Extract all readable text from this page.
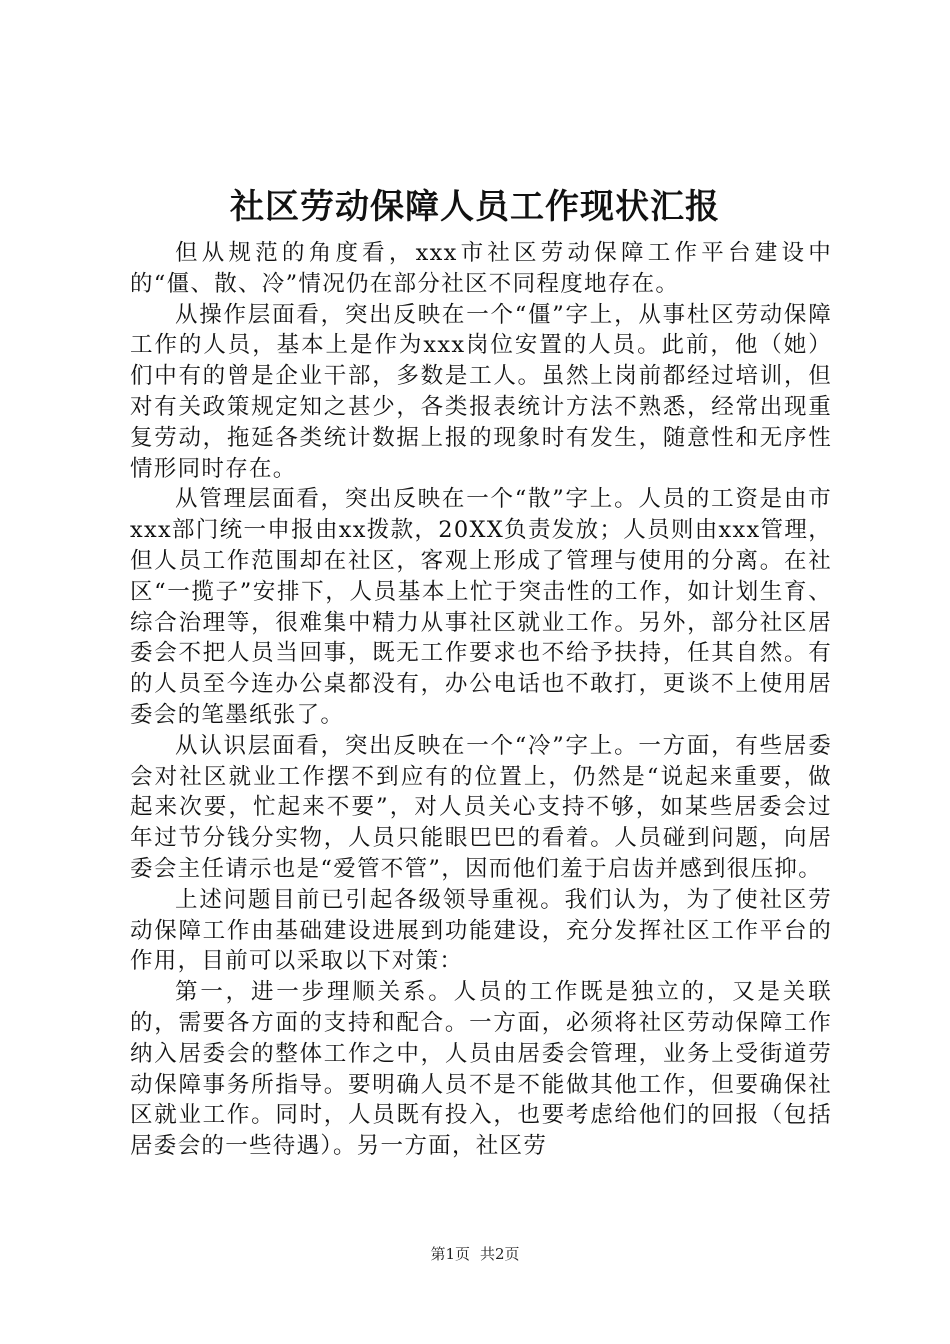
社区劳动保障人员工作现状汇报

但从规范的角度看，xxx市社区劳动保障工作平台建设中的“僵、散、冷”情况仍在部分社区不同程度地存在。

从操作层面看，突出反映在一个“僵”字上，从事杜区劳动保障工作的人员，基本上是作为xxx岗位安置的人员。此前，他（她）们中有的曾是企业干部，多数是工人。虽然上岗前都经过培训，但对有关政策规定知之甚少，各类报表统计方法不熟悉，经常出现重复劳动，拖延各类统计数据上报的现象时有发生，随意性和无序性情形同时存在。

从管理层面看，突出反映在一个“散”字上。人员的工资是由市xxx部门统一申报由xx拨款，20XX负责发放；人员则由xxx管理，但人员工作范围却在社区，客观上形成了管理与使用的分离。在社区“一揽子”安排下，人员基本上忙于突击性的工作，如计划生育、综合治理等，很难集中精力从事社区就业工作。另外，部分社区居委会不把人员当回事，既无工作要求也不给予扶持，任其自然。有的人员至今连办公桌都没有，办公电话也不敢打，更谈不上使用居委会的笔墨纸张了。

从认识层面看，突出反映在一个“冷”字上。一方面，有些居委会对社区就业工作摆不到应有的位置上，仍然是“说起来重要，做起来次要，忙起来不要”，对人员关心支持不够，如某些居委会过年过节分钱分实物，人员只能眼巴巴的看着。人员碰到问题，向居委会主任请示也是“爱管不管”，因而他们羞于启齿并感到很压抑。

上述问题目前已引起各级领导重视。我们认为，为了使社区劳动保障工作由基础建设进展到功能建设，充分发挥社区工作平台的作用，目前可以采取以下对策：

第一，进一步理顺关系。人员的工作既是独立的，又是关联的，需要各方面的支持和配合。一方面，必须将社区劳动保障工作纳入居委会的整体工作之中，人员由居委会管理，业务上受街道劳动保障事务所指导。要明确人员不是不能做其他工作，但要确保社区就业工作。同时，人员既有投入，也要考虑给他们的回报（包括居委会的一些待遇）。另一方面，社区劳

第1页 共2页
